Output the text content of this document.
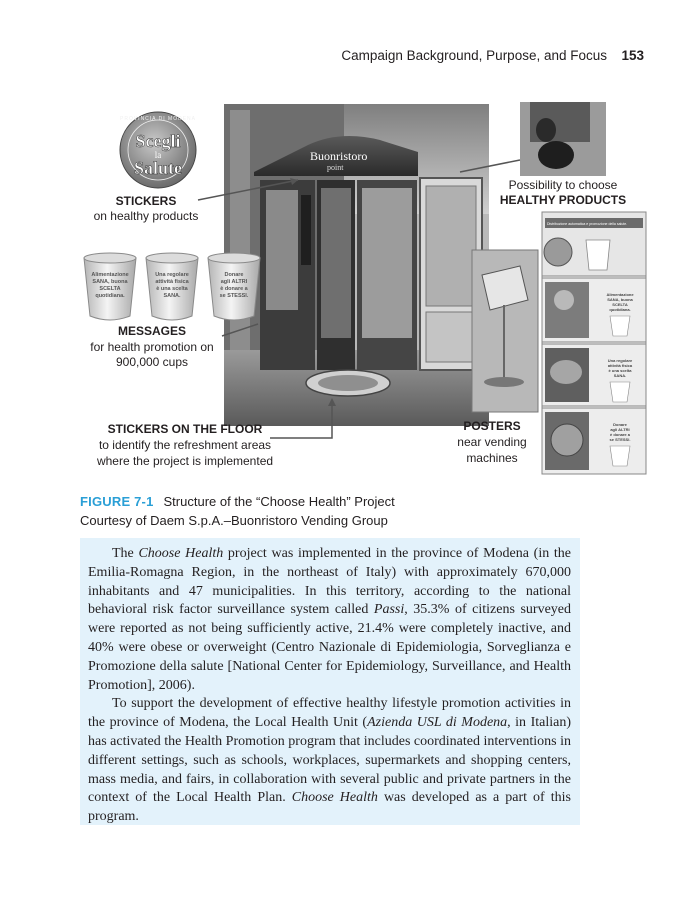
Campaign Background, Purpose, and Focus 153
Buonristoro
point
PROVINCIA DI MODENA
Scegli
la
Salute
STICKERS
on healthy products
Alimentazione
SANA, buona
SCELTA
quotidiana.
Una regolare
attività fisica
è una scelta
SANA.
Donare
agli ALTRI
è donare a
se STESSI.
MESSAGES
for health promotion on
900,000 cups
STICKERS ON THE FLOOR
to identify the refreshment areas
where the project is implemented
Possibility to choose
HEALTHY PRODUCTS
Distribuzione automatica e promozione della salute.
Alimentazione
SANA, buona
SCELTA
quotidiana.
Una regolare
attività fisica
è una scelta
SANA.
Donare
agli ALTRI
è donare a
se STESSI.
POSTERS
near vending
machines
FIGURE 7-1 Structure of the “Choose Health” Project
Courtesy of Daem S.p.A.–Buonristoro Vending Group

The Choose Health project was implemented in the province of Modena (in the Emilia-Romagna Region, in the northeast of Italy) with approximately 670,000 inhabitants and 47 municipalities. In this territory, according to the national behavioral risk factor surveillance system called Passi, 35.3% of citizens surveyed were reported as not being sufficiently active, 21.4% were completely inactive, and 40% were obese or overweight (Centro Nazionale di Epidemiologia, Sorveglianza e Promozione della salute [National Center for Epidemiology, Surveillance, and Health Promotion], 2006).

To support the development of effective healthy lifestyle promotion activities in the province of Modena, the Local Health Unit (Azienda USL di Modena, in Italian) has activated the Health Promotion program that includes coordinated interventions in different settings, such as schools, workplaces, supermarkets and shopping centers, mass media, and fairs, in collaboration with several public and private partners in the context of the Local Health Plan. Choose Health was developed as a part of this program.
